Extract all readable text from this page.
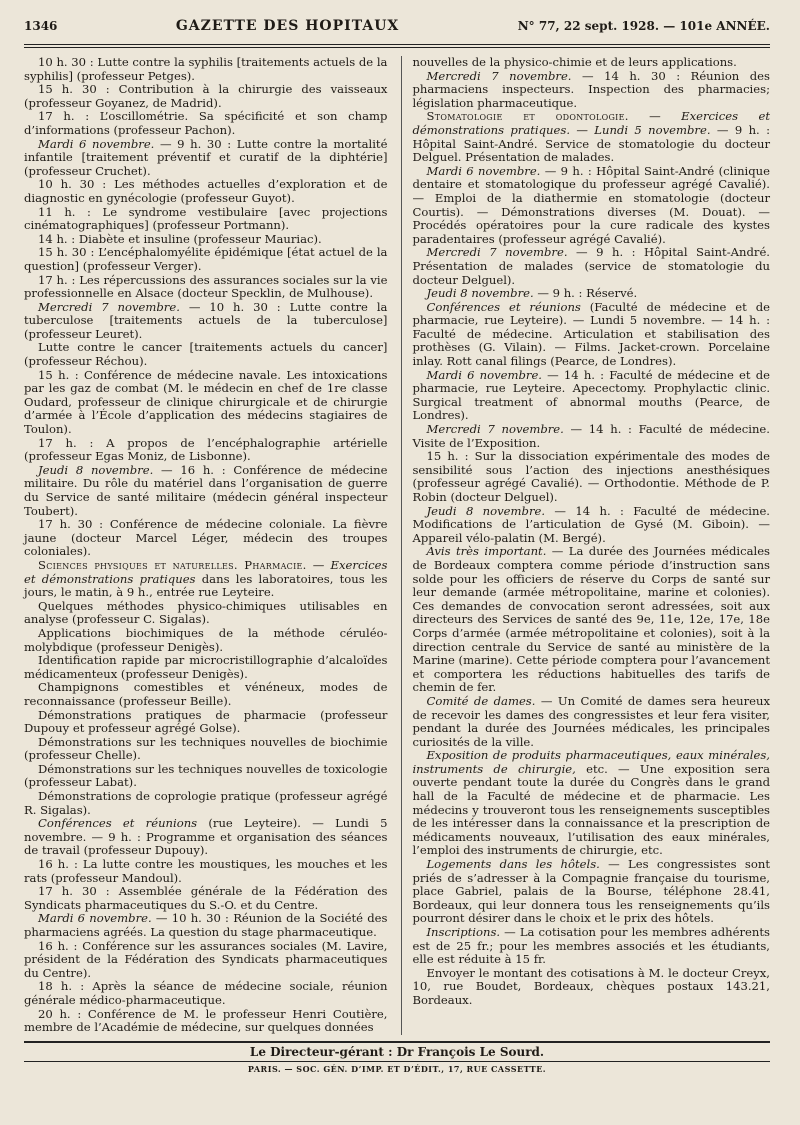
1346	GAZETTE DES HOPITAUX	N° 77, 22 sept. 1928. — 101e ANNÉE.

10 h. 30 : Lutte contre la syphilis [traitements actuels de la syphilis] (professeur Petges).

15 h. 30 : Contribution à la chirurgie des vaisseaux (professeur Goyanez, de Madrid).

17 h. : L’oscillométrie. Sa spécificité et son champ d’informations (professeur Pachon).

Mardi 6 novembre. — 9 h. 30 : Lutte contre la mortalité infantile [traitement préventif et curatif de la diphtérie] (professeur Cruchet).

10 h. 30 : Les méthodes actuelles d’exploration et de diagnostic en gynécologie (professeur Guyot).

11 h. : Le syndrome vestibulaire [avec projections cinématographiques] (professeur Portmann).

14 h. : Diabète et insuline (professeur Mauriac).

15 h. 30 : L’encéphalomyélite épidémique [état actuel de la question] (professeur Verger).

17 h. : Les répercussions des assurances sociales sur la vie professionnelle en Alsace (docteur Specklin, de Mulhouse).

Mercredi 7 novembre. — 10 h. 30 : Lutte contre la tuberculose [traitements actuels de la tuberculose] (professeur Leuret).

Lutte contre le cancer [traitements actuels du cancer] (professeur Réchou).

15 h. : Conférence de médecine navale. Les intoxications par les gaz de combat (M. le médecin en chef de 1re classe Oudard, professeur de clinique chirurgicale et de chirurgie d’armée à l’École d’application des médecins stagiaires de Toulon).

17 h. : A propos de l’encéphalographie artérielle (professeur Egas Moniz, de Lisbonne).

Jeudi 8 novembre. — 16 h. : Conférence de médecine militaire. Du rôle du matériel dans l’organisation de guerre du Service de santé militaire (médecin général inspecteur Toubert).

17 h. 30 : Conférence de médecine coloniale. La fièvre jaune (docteur Marcel Léger, médecin des troupes coloniales).

Sciences physiques et naturelles. Pharmacie. — Exercices et démonstrations pratiques dans les laboratoires, tous les jours, le matin, à 9 h., entrée rue Leyteire.

Quelques méthodes physico-chimiques utilisables en analyse (professeur C. Sigalas).

Applications biochimiques de la méthode céruléo-molybdique (professeur Denigès).

Identification rapide par microcristillographie d’alcaloïdes médicamenteux (professeur Denigès).

Champignons comestibles et vénéneux, modes de reconnaissance (professeur Beille).

Démonstrations pratiques de pharmacie (professeur Dupouy et professeur agrégé Golse).

Démonstrations sur les techniques nouvelles de biochimie (professeur Chelle).

Démonstrations sur les techniques nouvelles de toxicologie (professeur Labat).

Démonstrations de coprologie pratique (professeur agrégé R. Sigalas).

Conférences et réunions (rue Leyteire). — Lundi 5 novembre. — 9 h. : Programme et organisation des séances de travail (professeur Dupouy).

16 h. : La lutte contre les moustiques, les mouches et les rats (professeur Mandoul).

17 h. 30 : Assemblée générale de la Fédération des Syndicats pharmaceutiques du S.-O. et du Centre.

Mardi 6 novembre. — 10 h. 30 : Réunion de la Société des pharmaciens agréés. La question du stage pharmaceutique.

16 h. : Conférence sur les assurances sociales (M. Lavire, président de la Fédération des Syndicats pharmaceutiques du Centre).

18 h. : Après la séance de médecine sociale, réunion générale médico-pharmaceutique.

20 h. : Conférence de M. le professeur Henri Coutière, membre de l’Académie de médecine, sur quelques données

nouvelles de la physico-chimie et de leurs applications.

Mercredi 7 novembre. — 14 h. 30 : Réunion des pharmaciens inspecteurs. Inspection des pharmacies; législation pharmaceutique.

Stomatologie et odontologie. — Exercices et démonstrations pratiques. — Lundi 5 novembre. — 9 h. : Hôpital Saint-André. Service de stomatologie du docteur Delguel. Présentation de malades.

Mardi 6 novembre. — 9 h. : Hôpital Saint-André (clinique dentaire et stomatologique du professeur agrégé Cavalié). — Emploi de la diathermie en stomatologie (docteur Courtis). — Démonstrations diverses (M. Douat). — Procédés opératoires pour la cure radicale des kystes paradentaires (professeur agrégé Cavalié).

Mercredi 7 novembre. — 9 h. : Hôpital Saint-André. Présentation de malades (service de stomatologie du docteur Delguel).

Jeudi 8 novembre. — 9 h. : Réservé.

Conférences et réunions (Faculté de médecine et de pharmacie, rue Leyteire). — Lundi 5 novembre. — 14 h. : Faculté de médecine. Articulation et stabilisation des prothèses (G. Vilain). — Films. Jacket-crown. Porcelaine inlay. Rott canal filings (Pearce, de Londres).

Mardi 6 novembre. — 14 h. : Faculté de médecine et de pharmacie, rue Leyteire. Apecectomy. Prophylactic clinic. Surgical treatment of abnormal mouths (Pearce, de Londres).

Mercredi 7 novembre. — 14 h. : Faculté de médecine. Visite de l’Exposition.

15 h. : Sur la dissociation expérimentale des modes de sensibilité sous l’action des injections anesthésiques (professeur agrégé Cavalié). — Orthodontie. Méthode de P. Robin (docteur Delguel).

Jeudi 8 novembre. — 14 h. : Faculté de médecine. Modifications de l’articulation de Gysé (M. Giboin). — Appareil vélo-palatin (M. Bergé).

Avis très important. — La durée des Journées médicales de Bordeaux comptera comme période d’instruction sans solde pour les officiers de réserve du Corps de santé sur leur demande (armée métropolitaine, marine et colonies). Ces demandes de convocation seront adressées, soit aux directeurs des Services de santé des 9e, 11e, 12e, 17e, 18e Corps d’armée (armée métropolitaine et colonies), soit à la direction centrale du Service de santé au ministère de la Marine (marine). Cette période comptera pour l’avancement et comportera les réductions habituelles des tarifs de chemin de fer.

Comité de dames. — Un Comité de dames sera heureux de recevoir les dames des congressistes et leur fera visiter, pendant la durée des Journées médicales, les principales curiosités de la ville.

Exposition de produits pharmaceutiques, eaux minérales, instruments de chirurgie, etc. — Une exposition sera ouverte pendant toute la durée du Congrès dans le grand hall de la Faculté de médecine et de pharmacie. Les médecins y trouveront tous les renseignements susceptibles de les intéresser dans la connaissance et la prescription de médicaments nouveaux, l’utilisation des eaux minérales, l’emploi des instruments de chirurgie, etc.

Logements dans les hôtels. — Les congressistes sont priés de s’adresser à la Compagnie française du tourisme, place Gabriel, palais de la Bourse, téléphone 28.41, Bordeaux, qui leur donnera tous les renseignements qu’ils pourront désirer dans le choix et le prix des hôtels.

Inscriptions. — La cotisation pour les membres adhérents est de 25 fr.; pour les membres associés et les étudiants, elle est réduite à 15 fr.

Envoyer le montant des cotisations à M. le docteur Creyx, 10, rue Boudet, Bordeaux, chèques postaux 143.21, Bordeaux.

Le Directeur-gérant : Dr François Le Sourd.
PARIS. — SOC. GÉN. D’IMP. ET D’ÉDIT., 17, RUE CASSETTE.
